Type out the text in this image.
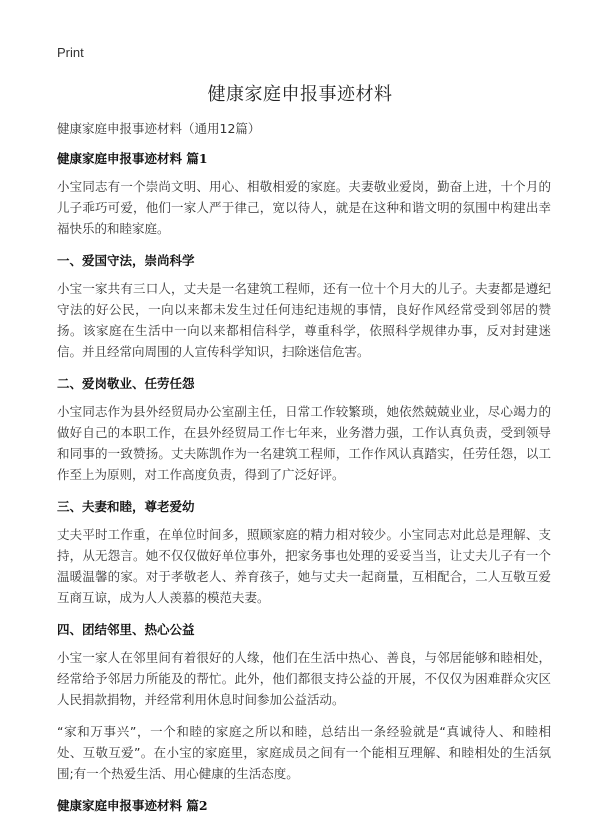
Print
健康家庭申报事迹材料

健康家庭申报事迹材料（通用12篇）

健康家庭申报事迹材料 篇1

小宝同志有一个崇尚文明、用心、相敬相爱的家庭。夫妻敬业爱岗，勤奋上进，十个月的儿子乖巧可爱，他们一家人严于律己，宽以待人，就是在这种和谐文明的氛围中构建出幸福快乐的和睦家庭。

一、爱国守法，崇尚科学

小宝一家共有三口人，丈夫是一名建筑工程师，还有一位十个月大的儿子。夫妻都是遵纪守法的好公民，一向以来都未发生过任何违纪违规的事情，良好作风经常受到邻居的赞扬。该家庭在生活中一向以来都相信科学，尊重科学，依照科学规律办事，反对封建迷信。并且经常向周围的人宣传科学知识，扫除迷信危害。

二、爱岗敬业、任劳任怨

小宝同志作为县外经贸局办公室副主任，日常工作较繁琐，她依然兢兢业业，尽心竭力的做好自己的本职工作，在县外经贸局工作七年来，业务潜力强，工作认真负责，受到领导和同事的一致赞扬。丈夫陈凯作为一名建筑工程师，工作作风认真踏实，任劳任怨，以工作至上为原则，对工作高度负责，得到了广泛好评。

三、夫妻和睦，尊老爱幼

丈夫平时工作重，在单位时间多，照顾家庭的精力相对较少。小宝同志对此总是理解、支持，从无怨言。她不仅仅做好单位事外，把家务事也处理的妥妥当当，让丈夫儿子有一个温暖温馨的家。对于孝敬老人、养育孩子，她与丈夫一起商量，互相配合，二人互敬互爱互商互谅，成为人人羡慕的模范夫妻。

四、团结邻里、热心公益

小宝一家人在邻里间有着很好的人缘，他们在生活中热心、善良，与邻居能够和睦相处，经常给予邻居力所能及的帮忙。此外，他们都很支持公益的开展，不仅仅为困难群众灾区人民捐款捐物，并经常利用休息时间参加公益活动。

“家和万事兴”，一个和睦的家庭之所以和睦，总结出一条经验就是“真诚待人、和睦相处、互敬互爱”。在小宝的家庭里，家庭成员之间有一个能相互理解、和睦相处的生活氛围;有一个热爱生活、用心健康的生活态度。

健康家庭申报事迹材料 篇2
